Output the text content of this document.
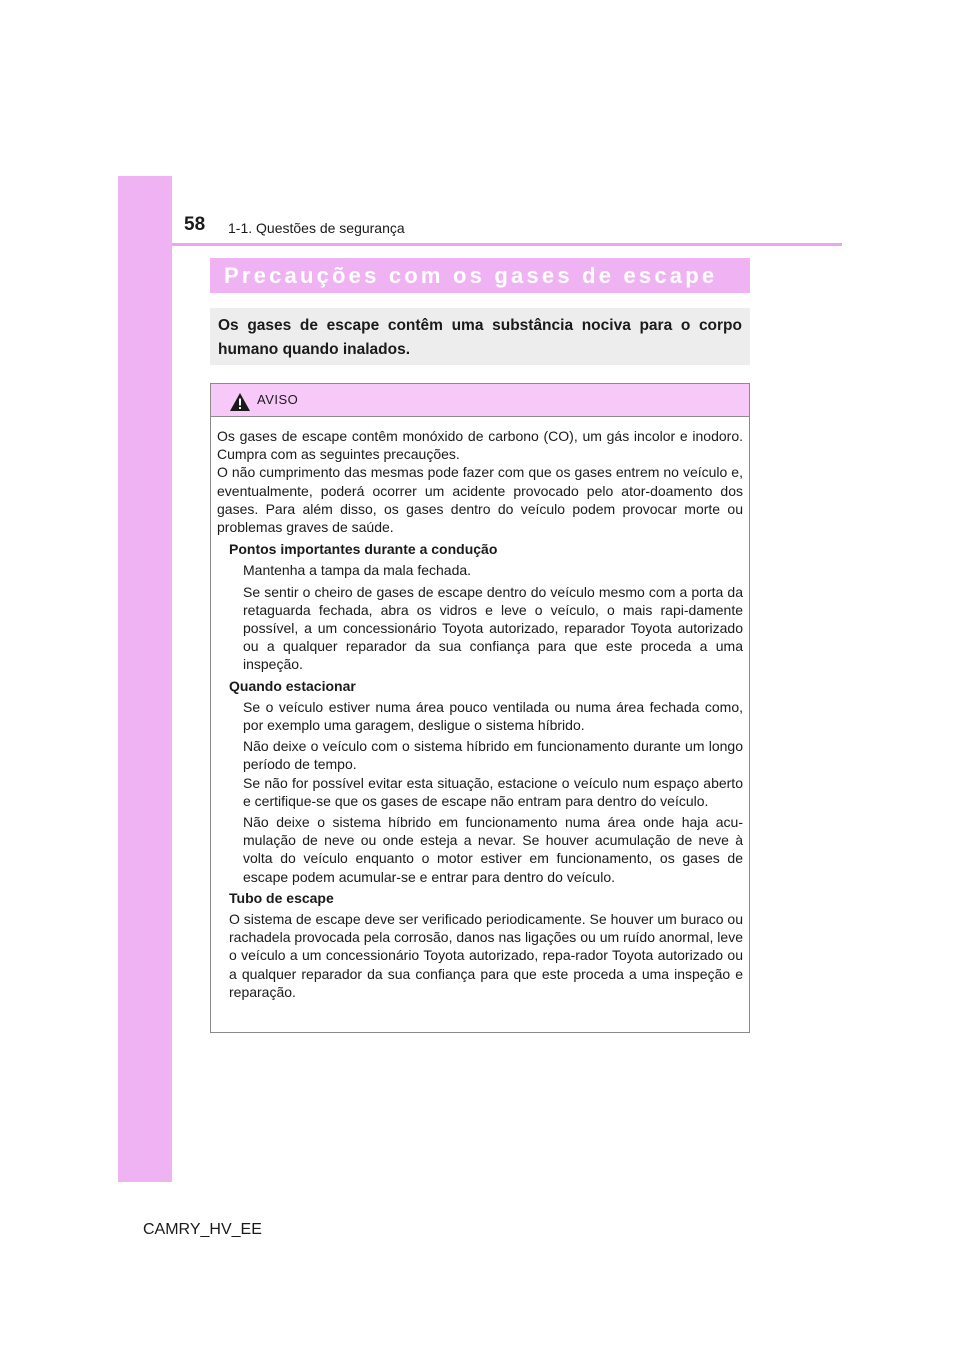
58 1-1. Questões de segurança
Precauções com os gases de escape

Os gases de escape contêm uma substância nociva para o corpo humano quando inalados.

AVISO

Os gases de escape contêm monóxido de carbono (CO), um gás incolor e inodoro. Cumpra com as seguintes precauções.
O não cumprimento das mesmas pode fazer com que os gases entrem no veículo e, eventualmente, poderá ocorrer um acidente provocado pelo ator-doamento dos gases. Para além disso, os gases dentro do veículo podem provocar morte ou problemas graves de saúde.

Pontos importantes durante a condução

Mantenha a tampa da mala fechada.

Se sentir o cheiro de gases de escape dentro do veículo mesmo com a porta da retaguarda fechada, abra os vidros e leve o veículo, o mais rapi-damente possível, a um concessionário Toyota autorizado, reparador Toyota autorizado ou a qualquer reparador da sua confiança para que este proceda a uma inspeção.

Quando estacionar

Se o veículo estiver numa área pouco ventilada ou numa área fechada como, por exemplo uma garagem, desligue o sistema híbrido.

Não deixe o veículo com o sistema híbrido em funcionamento durante um longo período de tempo.
Se não for possível evitar esta situação, estacione o veículo num espaço aberto e certifique-se que os gases de escape não entram para dentro do veículo.

Não deixe o sistema híbrido em funcionamento numa área onde haja acu-mulação de neve ou onde esteja a nevar. Se houver acumulação de neve à volta do veículo enquanto o motor estiver em funcionamento, os gases de escape podem acumular-se e entrar para dentro do veículo.

Tubo de escape

O sistema de escape deve ser verificado periodicamente. Se houver um buraco ou rachadela provocada pela corrosão, danos nas ligações ou um ruído anormal, leve o veículo a um concessionário Toyota autorizado, repa-rador Toyota autorizado ou a qualquer reparador da sua confiança para que este proceda a uma inspeção e reparação.

CAMRY_HV_EE
